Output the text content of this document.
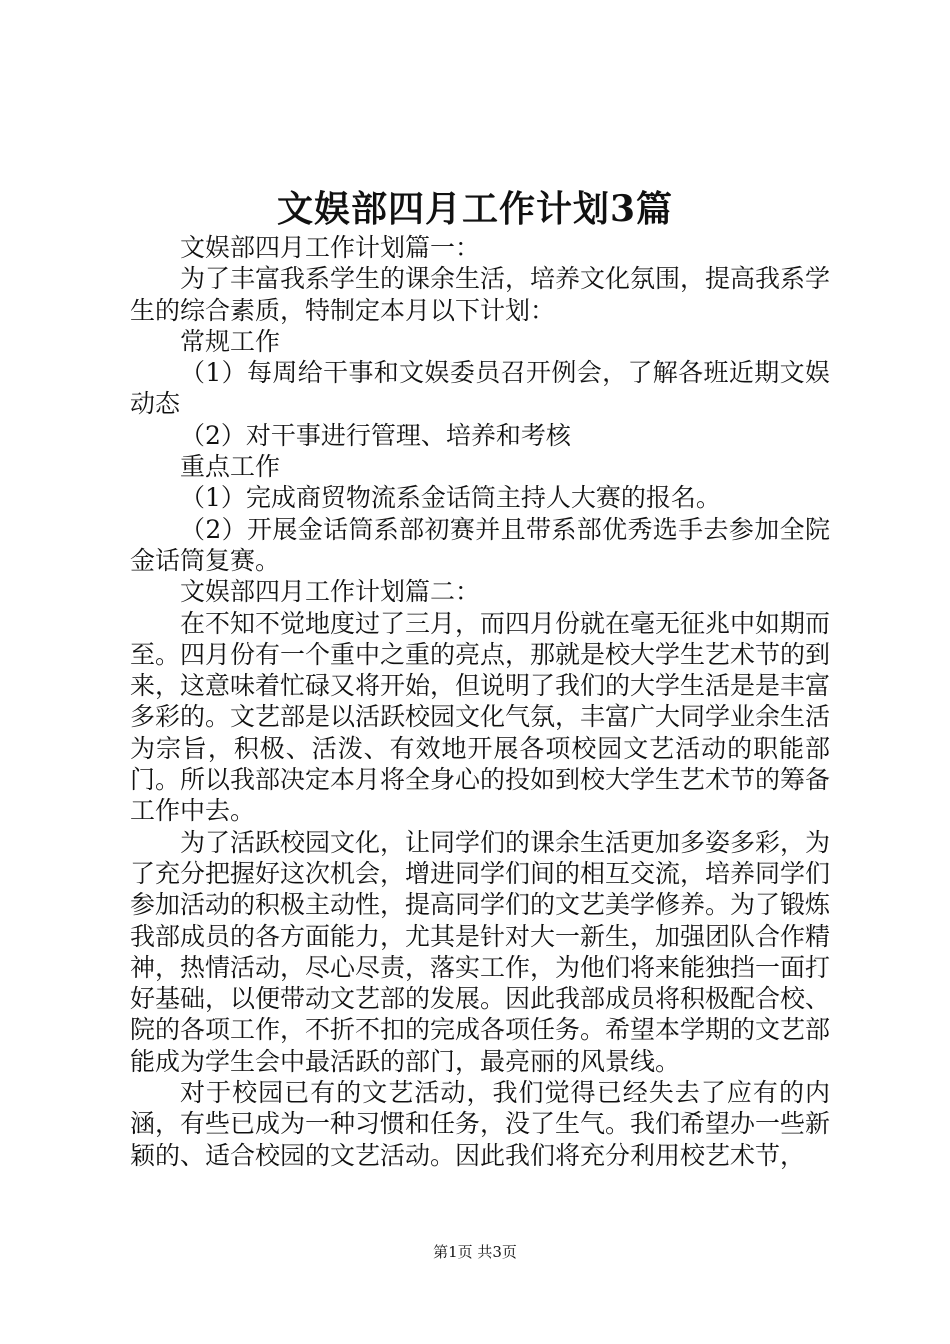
文娱部四月工作计划3篇

文娱部四月工作计划篇一：

为了丰富我系学生的课余生活，培养文化氛围，提高我系学生的综合素质，特制定本月以下计划：

常规工作

（1）每周给干事和文娱委员召开例会，了解各班近期文娱动态

（2）对干事进行管理、培养和考核

重点工作

（1）完成商贸物流系金话筒主持人大赛的报名。

（2）开展金话筒系部初赛并且带系部优秀选手去参加全院金话筒复赛。

文娱部四月工作计划篇二：

在不知不觉地度过了三月，而四月份就在毫无征兆中如期而至。四月份有一个重中之重的亮点，那就是校大学生艺术节的到来，这意味着忙碌又将开始，但说明了我们的大学生活是是丰富多彩的。文艺部是以活跃校园文化气氛，丰富广大同学业余生活为宗旨，积极、活泼、有效地开展各项校园文艺活动的职能部门。所以我部决定本月将全身心的投如到校大学生艺术节的筹备工作中去。

为了活跃校园文化，让同学们的课余生活更加多姿多彩，为了充分把握好这次机会，增进同学们间的相互交流，培养同学们参加活动的积极主动性，提高同学们的文艺美学修养。为了锻炼我部成员的各方面能力，尤其是针对大一新生，加强团队合作精神，热情活动，尽心尽责，落实工作，为他们将来能独挡一面打好基础，以便带动文艺部的发展。因此我部成员将积极配合校、院的各项工作，不折不扣的完成各项任务。希望本学期的文艺部能成为学生会中最活跃的部门，最亮丽的风景线。

对于校园已有的文艺活动，我们觉得已经失去了应有的内涵，有些已成为一种习惯和任务，没了生气。我们希望办一些新颖的、适合校园的文艺活动。因此我们将充分利用校艺术节，

第1页 共3页
